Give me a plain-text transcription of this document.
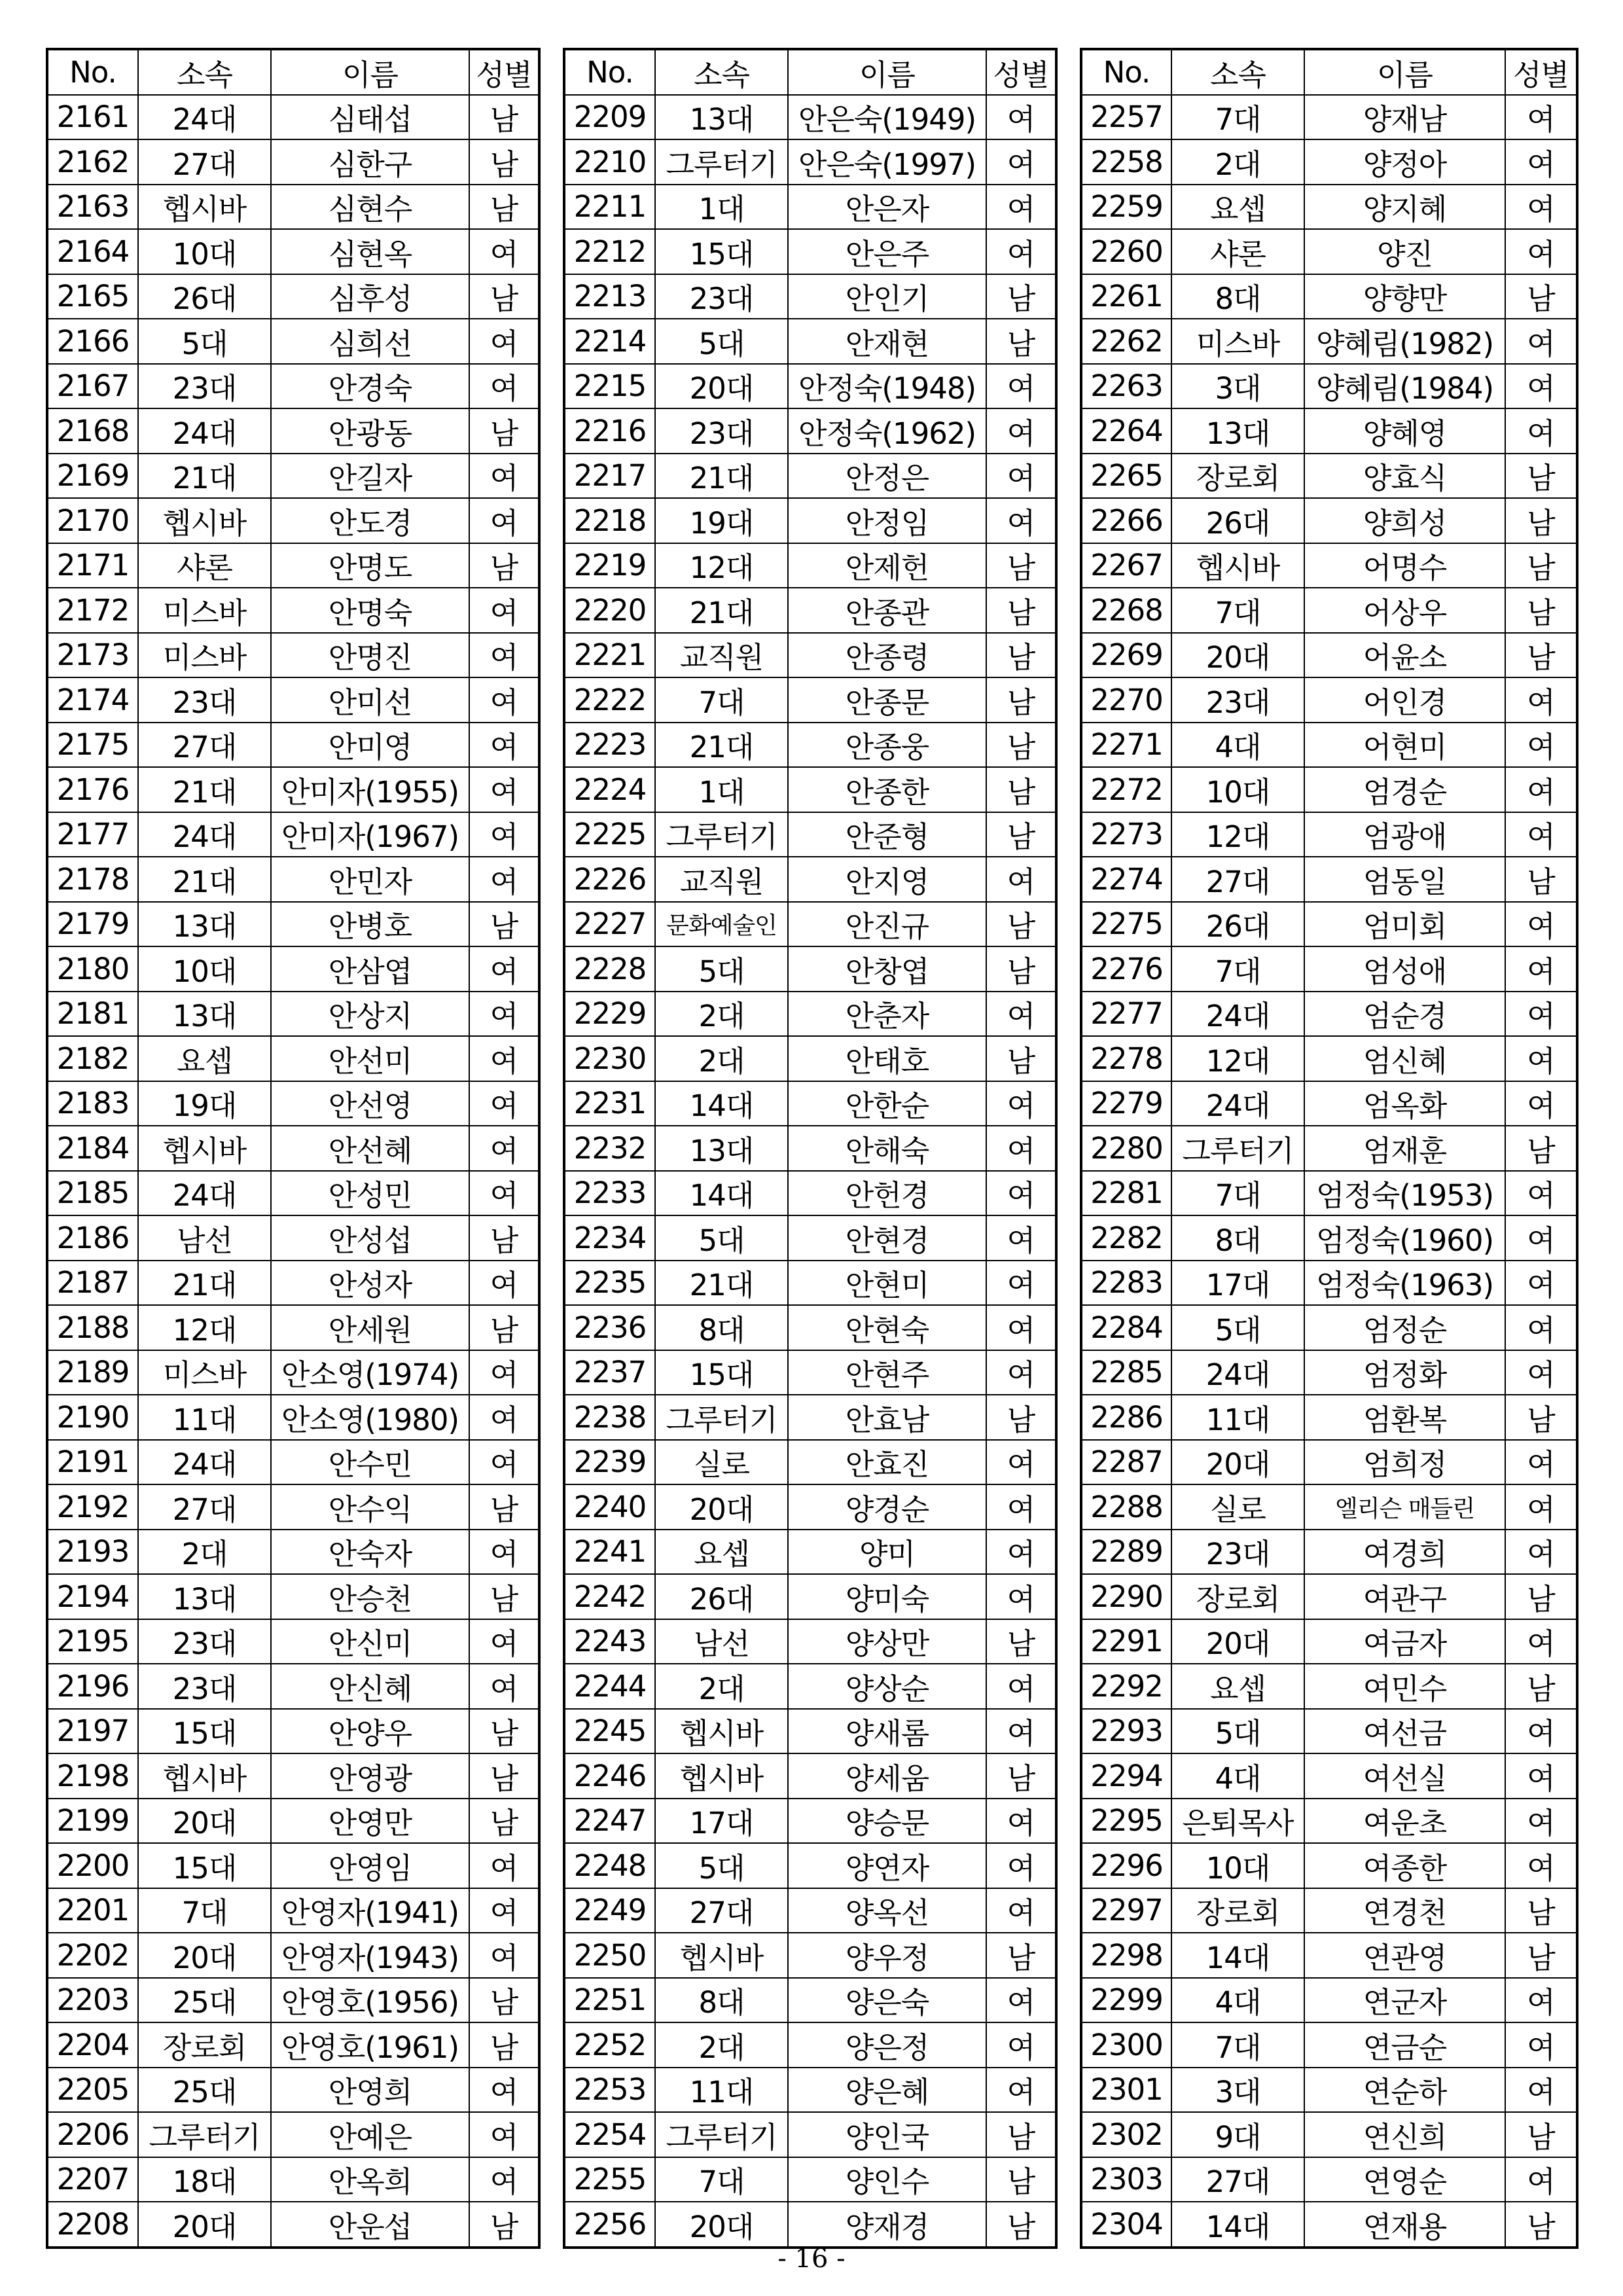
No.	소속	이름	성별
2161	24대	심태섭	남
2162	27대	심한구	남
2163	헵시바	심현수	남
2164	10대	심현옥	여
2165	26대	심후성	남
2166	5대	심희선	여
2167	23대	안경숙	여
2168	24대	안광동	남
2169	21대	안길자	여
2170	헵시바	안도경	여
2171	샤론	안명도	남
2172	미스바	안명숙	여
2173	미스바	안명진	여
2174	23대	안미선	여
2175	27대	안미영	여
2176	21대	안미자(1955)	여
2177	24대	안미자(1967)	여
2178	21대	안민자	여
2179	13대	안병호	남
2180	10대	안삼엽	여
2181	13대	안상지	여
2182	요셉	안선미	여
2183	19대	안선영	여
2184	헵시바	안선혜	여
2185	24대	안성민	여
2186	남선	안성섭	남
2187	21대	안성자	여
2188	12대	안세원	남
2189	미스바	안소영(1974)	여
2190	11대	안소영(1980)	여
2191	24대	안수민	여
2192	27대	안수익	남
2193	2대	안숙자	여
2194	13대	안승천	남
2195	23대	안신미	여
2196	23대	안신혜	여
2197	15대	안양우	남
2198	헵시바	안영광	남
2199	20대	안영만	남
2200	15대	안영임	여
2201	7대	안영자(1941)	여
2202	20대	안영자(1943)	여
2203	25대	안영호(1956)	남
2204	장로회	안영호(1961)	남
2205	25대	안영희	여
2206	그루터기	안예은	여
2207	18대	안옥희	여
2208	20대	안운섭	남
No.	소속	이름	성별
2209	13대	안은숙(1949)	여
2210	그루터기	안은숙(1997)	여
2211	1대	안은자	여
2212	15대	안은주	여
2213	23대	안인기	남
2214	5대	안재현	남
2215	20대	안정숙(1948)	여
2216	23대	안정숙(1962)	여
2217	21대	안정은	여
2218	19대	안정임	여
2219	12대	안제헌	남
2220	21대	안종관	남
2221	교직원	안종령	남
2222	7대	안종문	남
2223	21대	안종웅	남
2224	1대	안종한	남
2225	그루터기	안준형	남
2226	교직원	안지영	여
2227	문화예술인	안진규	남
2228	5대	안창엽	남
2229	2대	안춘자	여
2230	2대	안태호	남
2231	14대	안한순	여
2232	13대	안해숙	여
2233	14대	안헌경	여
2234	5대	안현경	여
2235	21대	안현미	여
2236	8대	안현숙	여
2237	15대	안현주	여
2238	그루터기	안효남	남
2239	실로	안효진	여
2240	20대	양경순	여
2241	요셉	양미	여
2242	26대	양미숙	여
2243	남선	양상만	남
2244	2대	양상순	여
2245	헵시바	양새롬	여
2246	헵시바	양세움	남
2247	17대	양승문	여
2248	5대	양연자	여
2249	27대	양옥선	여
2250	헵시바	양우정	남
2251	8대	양은숙	여
2252	2대	양은정	여
2253	11대	양은혜	여
2254	그루터기	양인국	남
2255	7대	양인수	남
2256	20대	양재경	남
No.	소속	이름	성별
2257	7대	양재남	여
2258	2대	양정아	여
2259	요셉	양지혜	여
2260	샤론	양진	여
2261	8대	양향만	남
2262	미스바	양혜림(1982)	여
2263	3대	양혜림(1984)	여
2264	13대	양혜영	여
2265	장로회	양효식	남
2266	26대	양희성	남
2267	헵시바	어명수	남
2268	7대	어상우	남
2269	20대	어윤소	남
2270	23대	어인경	여
2271	4대	어현미	여
2272	10대	엄경순	여
2273	12대	엄광애	여
2274	27대	엄동일	남
2275	26대	엄미회	여
2276	7대	엄성애	여
2277	24대	엄순경	여
2278	12대	엄신혜	여
2279	24대	엄옥화	여
2280	그루터기	엄재훈	남
2281	7대	엄정숙(1953)	여
2282	8대	엄정숙(1960)	여
2283	17대	엄정숙(1963)	여
2284	5대	엄정순	여
2285	24대	엄정화	여
2286	11대	엄환복	남
2287	20대	엄희정	여
2288	실로	엘리슨 매들린	여
2289	23대	여경희	여
2290	장로회	여관구	남
2291	20대	여금자	여
2292	요셉	여민수	남
2293	5대	여선금	여
2294	4대	여선실	여
2295	은퇴목사	여운초	여
2296	10대	여종한	여
2297	장로회	연경천	남
2298	14대	연관영	남
2299	4대	연군자	여
2300	7대	연금순	여
2301	3대	연순하	여
2302	9대	연신희	남
2303	27대	연영순	여
2304	14대	연재용	남
- 16 -
